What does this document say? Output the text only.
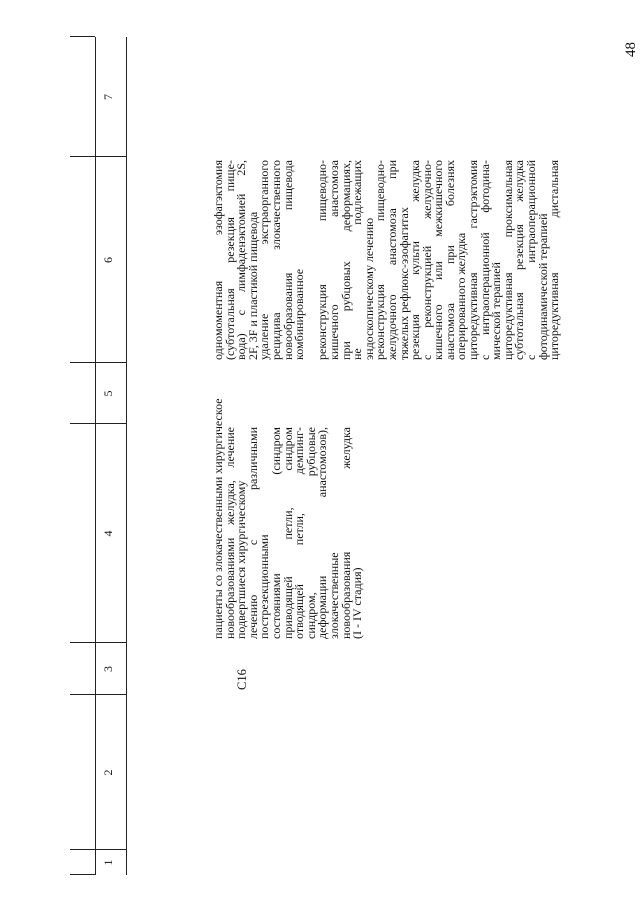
48
1
2
3
4
5
6
7
С16
пациенты со злокачественными хирургическое
новообразованиями желудка, лечение
подвергшиеся хирургическому
лечению с различными
пострезекционными
состояниями (синдром
приводящей петли, синдром
отводящей петли, демпинг-
синдром, рубцовые
деформации анастомозов),
злокачественные
новообразования желудка
(I - IV стадия)
одномоментная эзофагэктомия
(субтотальная резекция пище-
вода) с лимфаденэктомией 2S,
2F, 3F и пластикой пищевода
удаление экстраорганного
рецидива злокачественного
новообразования пищевода
комбинированное реконструкция пищеводно-
кишечного анастомоза
при рубцовых деформациях,
не подлежащих
эндоскопическому лечению
реконструкция пищеводно-
желудочного анастомоза при
тяжелых рефлюкс-эзофагитах
резекция культи желудка
с реконструкцией желудочно-
кишечного или межкишечного
анастомоза при болезнях
оперированного желудка
циторедуктивная гастрэктомия
с интраоперационной фотодина-
мической терапией
циторедуктивная проксимальная
субтотальная резекция желудка
с интраоперационной
фотодинамической терапией
циторедуктивная дистальная
